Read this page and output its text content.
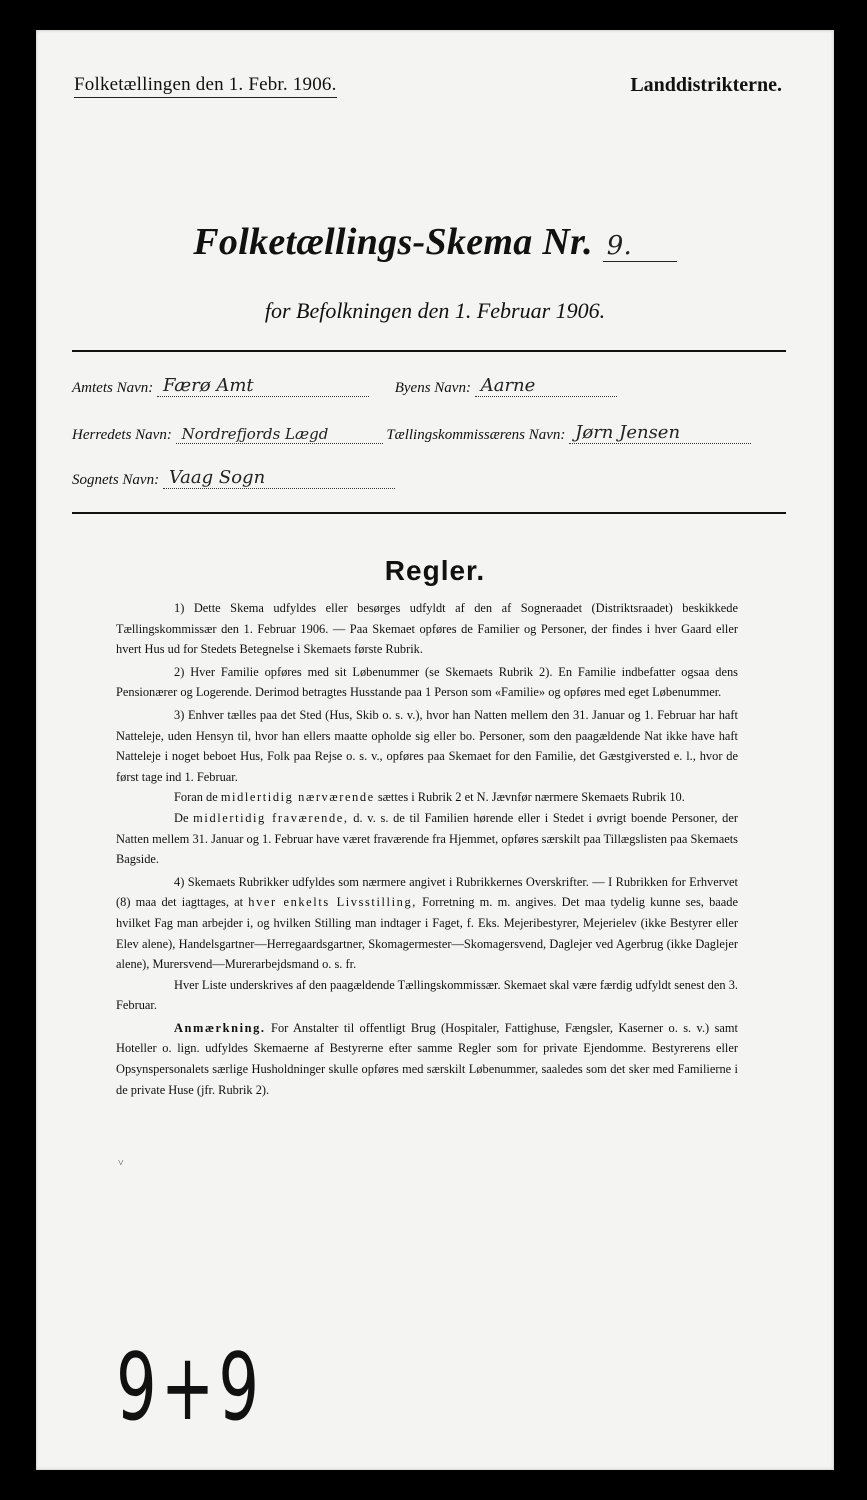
Folketællingen den 1. Febr. 1906.	Landdistrikterne.
Folketællings-Skema Nr. 9.
for Befolkningen den 1. Februar 1906.
Amtets Navn: Færø Amt	Byens Navn: Aarne
Herredets Navn: Nordrefjords Lægd	Tællingskommissærens Navn: Jørn Jensen
Sognets Navn: Vaag Sogn
Regler.

1) Dette Skema udfyldes eller besørges udfyldt af den af Sogneraadet (Distriktsraadet) beskikkede Tællingskommissær den 1. Februar 1906. — Paa Skemaet opføres de Familier og Personer, der findes i hver Gaard eller hvert Hus ud for Stedets Betegnelse i Skemaets første Rubrik.

2) Hver Familie opføres med sit Løbenummer (se Skemaets Rubrik 2). En Familie indbefatter ogsaa dens Pensionærer og Logerende. Derimod betragtes Husstande paa 1 Person som «Familie» og opføres med eget Løbenummer.

3) Enhver tælles paa det Sted (Hus, Skib o. s. v.), hvor han Natten mellem den 31. Januar og 1. Februar har haft Natteleje, uden Hensyn til, hvor han ellers maatte opholde sig eller bo. Personer, som den paagældende Nat ikke have haft Natteleje i noget beboet Hus, Folk paa Rejse o. s. v., opføres paa Skemaet for den Familie, det Gæstgiversted e. l., hvor de først tage ind 1. Februar.

Foran de midlertidig nærværende sættes i Rubrik 2 et N. Jævnfør nærmere Skemaets Rubrik 10.

De midlertidig fraværende, d. v. s. de til Familien hørende eller i Stedet i øvrigt boende Personer, der Natten mellem 31. Januar og 1. Februar have været fraværende fra Hjemmet, opføres særskilt paa Tillægslisten paa Skemaets Bagside.

4) Skemaets Rubrikker udfyldes som nærmere angivet i Rubrikkernes Overskrifter. — I Rubrikken for Erhvervet (8) maa det iagttages, at hver enkelts Livsstilling, Forretning m. m. angives. Det maa tydelig kunne ses, baade hvilket Fag man arbejder i, og hvilken Stilling man indtager i Faget, f. Eks. Mejeribestyrer, Mejerielev (ikke Bestyrer eller Elev alene), Handelsgartner—Herregaardsgartner, Skomagermester—Skomagersvend, Daglejer ved Agerbrug (ikke Daglejer alene), Murersvend—Murerarbejdsmand o. s. fr.

Hver Liste underskrives af den paagældende Tællingskommissær. Skemaet skal være færdig udfyldt senest den 3. Februar.

Anmærkning. For Anstalter til offentligt Brug (Hospitaler, Fattighuse, Fængsler, Kaserner o. s. v.) samt Hoteller o. lign. udfyldes Skemaerne af Bestyrerne efter samme Regler som for private Ejendomme. Bestyrerens eller Opsynspersonalets særlige Husholdninger skulle opføres med særskilt Løbenummer, saaledes som det sker med Familierne i de private Huse (jfr. Rubrik 2).

˅
9+9
